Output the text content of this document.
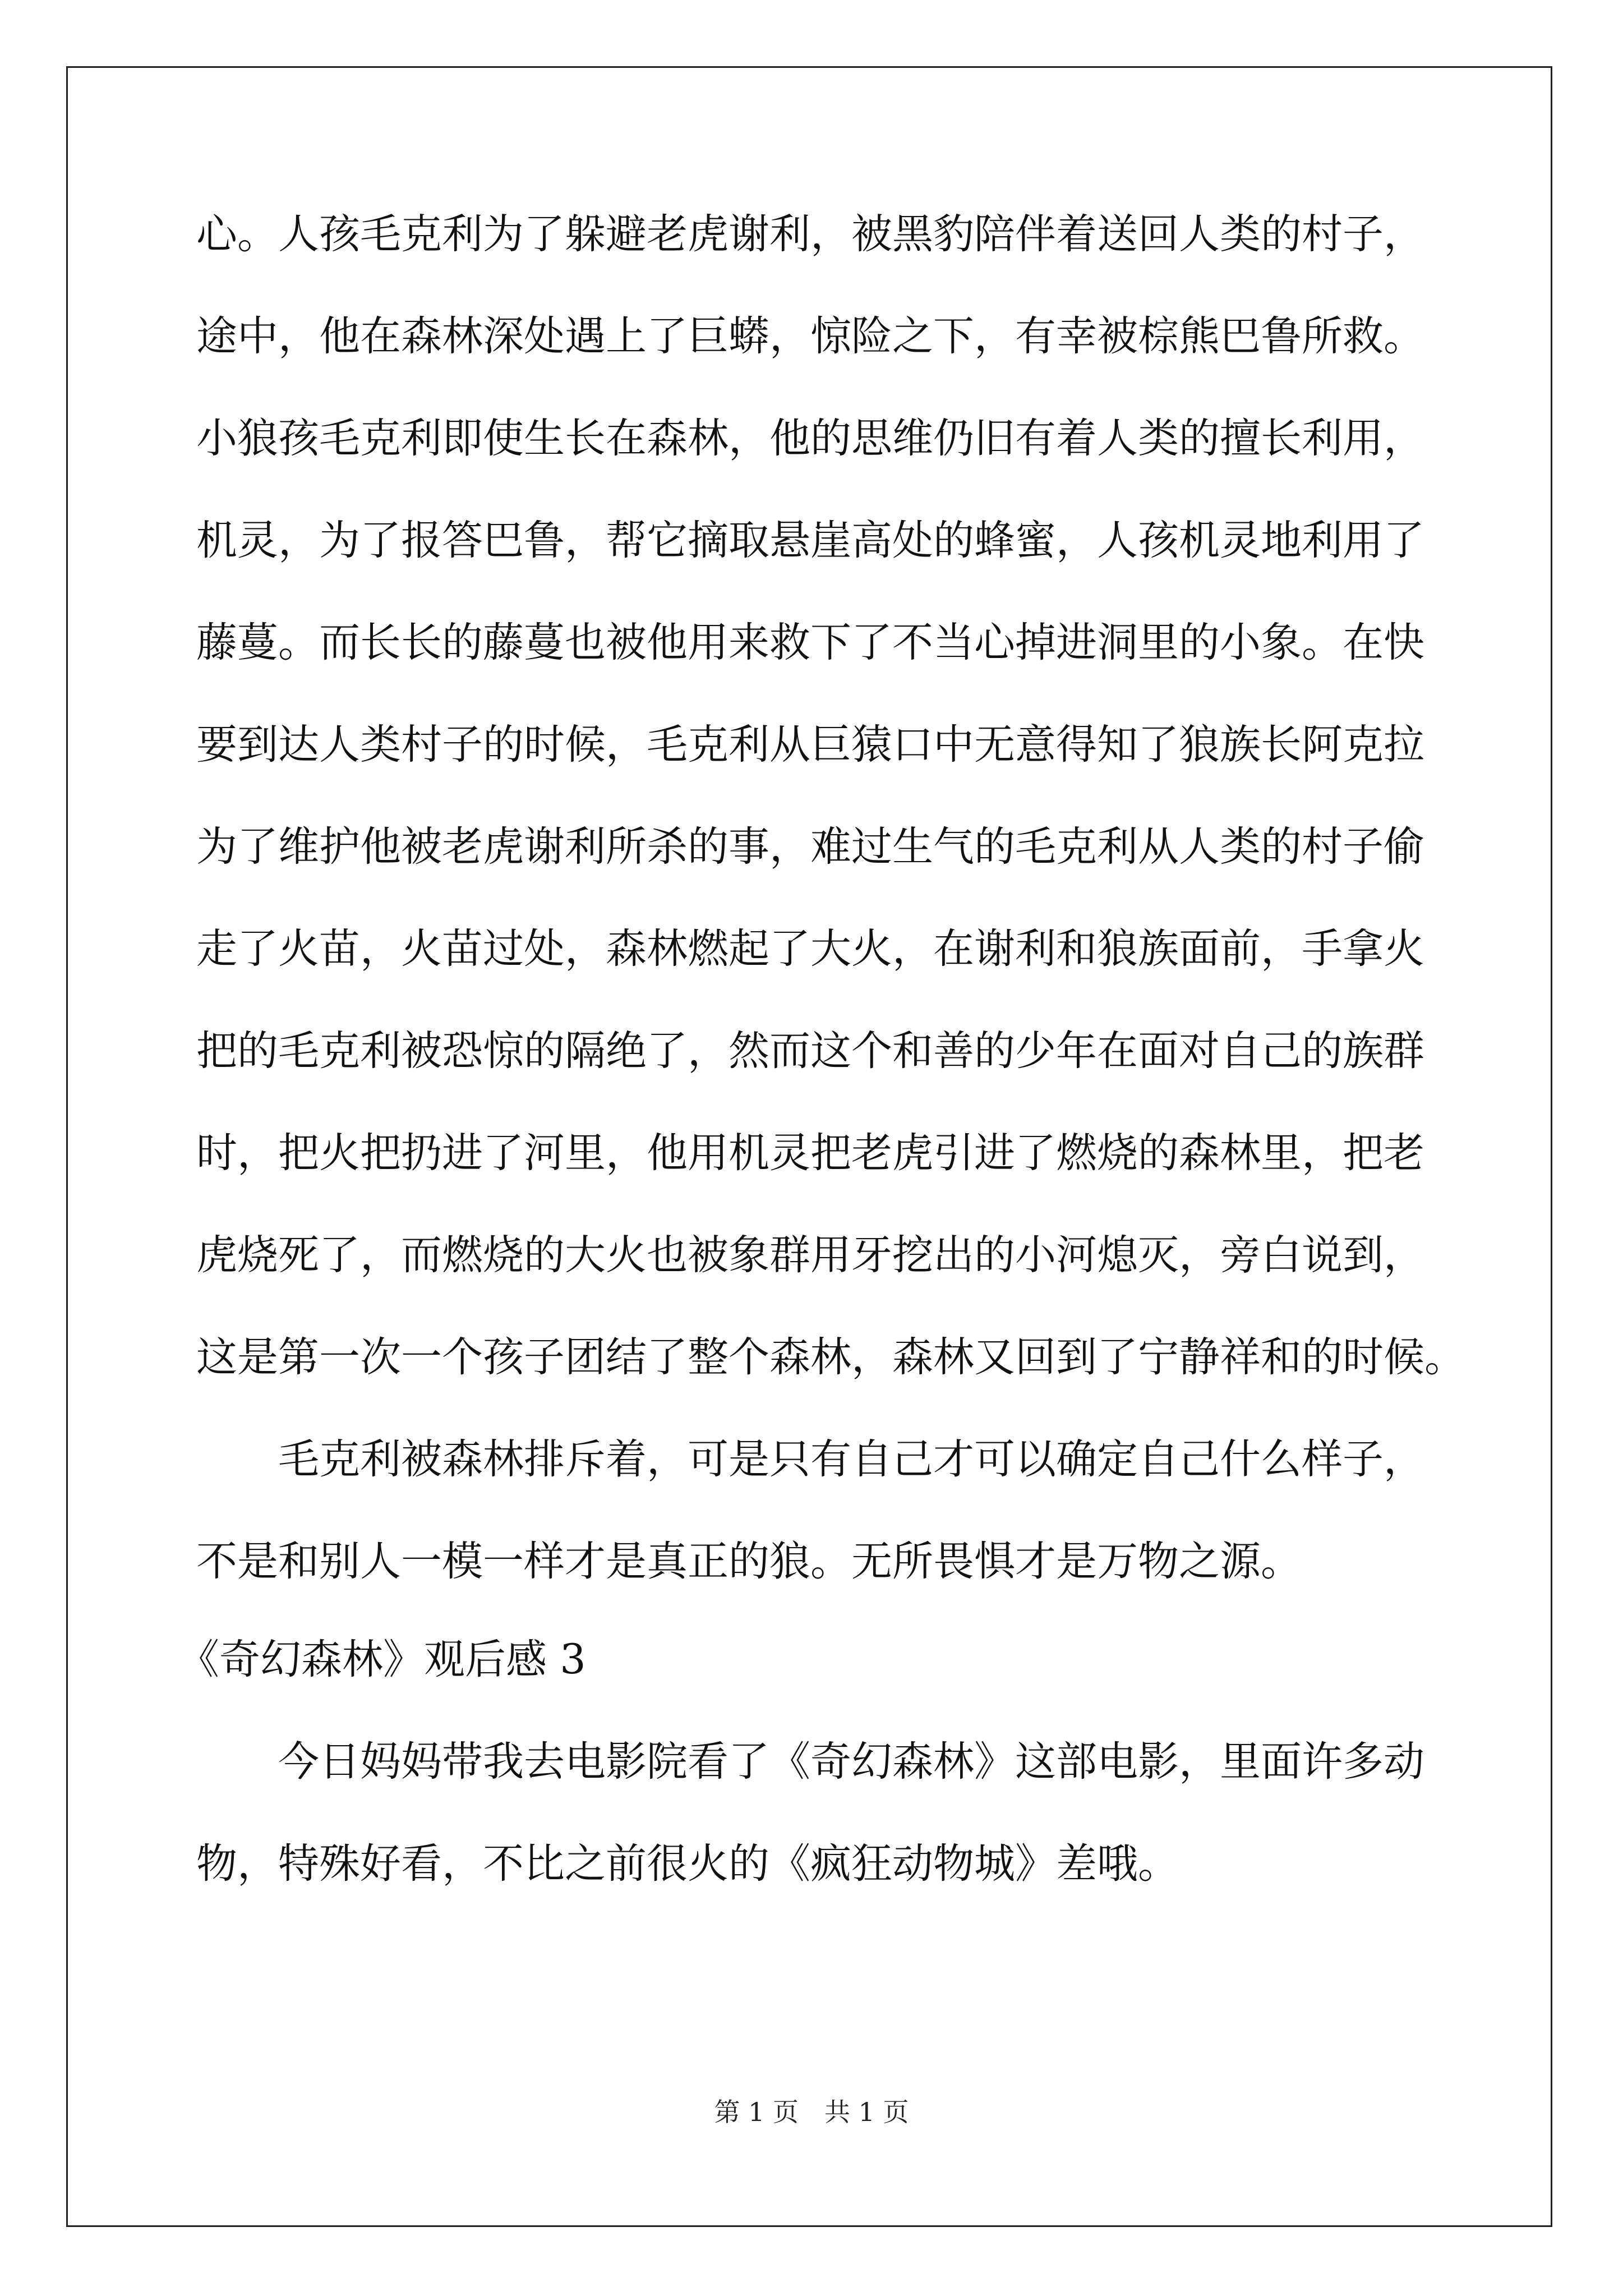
心。人孩毛克利为了躲避老虎谢利，被黑豹陪伴着送回人类的村子，
途中，他在森林深处遇上了巨蟒，惊险之下，有幸被棕熊巴鲁所救。
小狼孩毛克利即使生长在森林，他的思维仍旧有着人类的擅长利用，
机灵，为了报答巴鲁，帮它摘取悬崖高处的蜂蜜，人孩机灵地利用了
藤蔓。而长长的藤蔓也被他用来救下了不当心掉进洞里的小象。在快
要到达人类村子的时候，毛克利从巨猿口中无意得知了狼族长阿克拉
为了维护他被老虎谢利所杀的事，难过生气的毛克利从人类的村子偷
走了火苗，火苗过处，森林燃起了大火，在谢利和狼族面前，手拿火
把的毛克利被恐惊的隔绝了，然而这个和善的少年在面对自己的族群
时，把火把扔进了河里，他用机灵把老虎引进了燃烧的森林里，把老
虎烧死了，而燃烧的大火也被象群用牙挖出的小河熄灭，旁白说到，
这是第一次一个孩子团结了整个森林，森林又回到了宁静祥和的时候。
毛克利被森林排斥着，可是只有自己才可以确定自己什么样子，
不是和别人一模一样才是真正的狼。无所畏惧才是万物之源。
《奇幻森林》观后感 3
今日妈妈带我去电影院看了《奇幻森林》这部电影，里面许多动
物，特殊好看，不比之前很火的《疯狂动物城》差哦。
第 1 页　共 1 页
